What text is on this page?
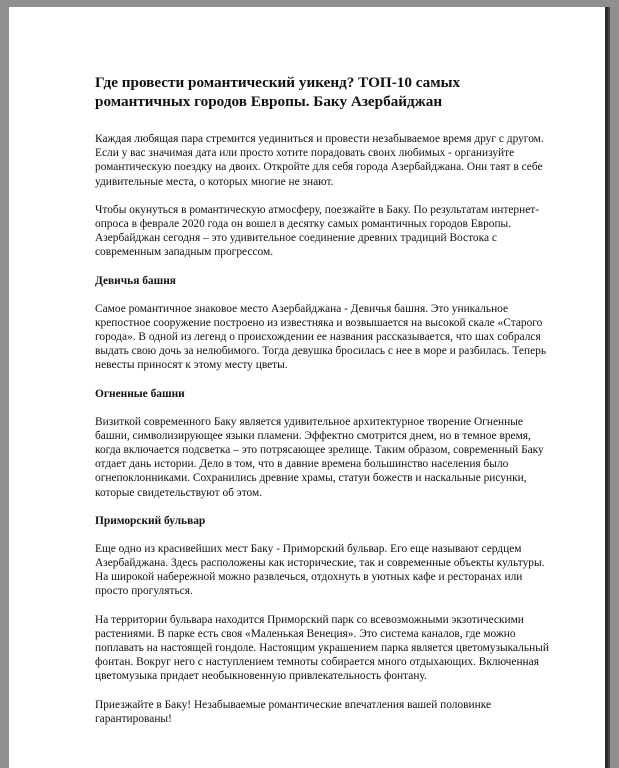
Где провести романтический уикенд? ТОП-10 самых романтичных городов Европы. Баку Азербайджан

Каждая любящая пара стремится уединиться и провести незабываемое время друг с другом. Если у вас значимая дата или просто хотите порадовать своих любимых - организуйте романтическую поездку на двоих. Откройте для себя города Азербайджана. Они таят в себе удивительные места, о которых многие не знают.

Чтобы окунуться в романтическую атмосферу, поезжайте в Баку. По результатам интернет-опроса в феврале 2020 года он вошел в десятку самых романтичных городов Европы. Азербайджан сегодня – это удивительное соединение древних традиций Востока с современным западным прогрессом.

Девичья башня

Самое романтичное знаковое место Азербайджана - Девичья башня. Это уникальное крепостное сооружение построено из известняка и возвышается на высокой скале «Старого города». В одной из легенд о происхождении ее названия рассказывается, что шах собрался выдать свою дочь за нелюбимого. Тогда девушка бросилась с нее в море и разбилась. Теперь невесты приносят к этому месту цветы.

Огненные башни

Визиткой современного Баку является удивительное архитектурное творение Огненные башни, символизирующее языки пламени. Эффектно смотрится днем, но в темное время, когда включается подсветка – это потрясающее зрелище. Таким образом, современный Баку отдает дань истории. Дело в том, что в давние времена большинство населения было огнепоклонниками. Сохранились древние храмы, статуи божеств и наскальные рисунки, которые свидетельствуют об этом.

Приморский бульвар

Еще одно из красивейших мест Баку - Приморский бульвар. Его еще называют сердцем Азербайджана. Здесь расположены как исторические, так и современные объекты культуры. На широкой набережной можно развлечься, отдохнуть в уютных кафе и ресторанах или просто прогуляться.

На территории бульвара находится Приморский парк со всевозможными экзотическими растениями. В парке есть своя «Маленькая Венеция». Это система каналов, где можно поплавать на настоящей гондоле. Настоящим украшением парка является цветомузыкальный фонтан. Вокруг него с наступлением темноты собирается много отдыхающих. Включенная цветомузыка придает необыкновенную привлекательность фонтану.

Приезжайте в Баку! Незабываемые романтические впечатления вашей половинке гарантированы!
